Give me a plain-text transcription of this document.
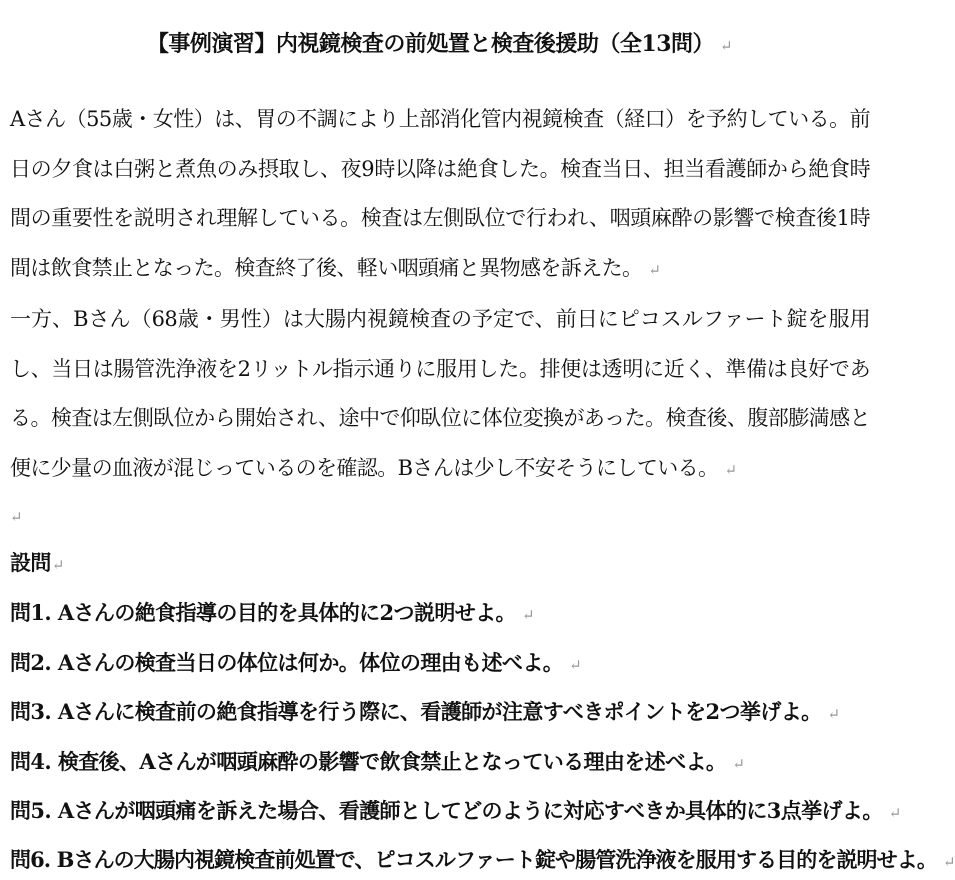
【事例演習】内視鏡検査の前処置と検査後援助（全13問） ↵
Aさん（55歳・女性）は、胃の不調により上部消化管内視鏡検査（経口）を予約している。前日の夕食は白粥と煮魚のみ摂取し、夜9時以降は絶食した。検査当日、担当看護師から絶食時間の重要性を説明され理解している。検査は左側臥位で行われ、咽頭麻酔の影響で検査後1時間は飲食禁止となった。検査終了後、軽い咽頭痛と異物感を訴えた。 ↵
一方、Bさん（68歳・男性）は大腸内視鏡検査の予定で、前日にピコスルファート錠を服用し、当日は腸管洗浄液を2リットル指示通りに服用した。排便は透明に近く、準備は良好である。検査は左側臥位から開始され、途中で仰臥位に体位変換があった。検査後、腹部膨満感と便に少量の血液が混じっているのを確認。Bさんは少し不安そうにしている。 ↵
↵
設問↵
問1. Aさんの絶食指導の目的を具体的に2つ説明せよ。 ↵
問2. Aさんの検査当日の体位は何か。体位の理由も述べよ。 ↵
問3. Aさんに検査前の絶食指導を行う際に、看護師が注意すべきポイントを2つ挙げよ。 ↵
問4. 検査後、Aさんが咽頭麻酔の影響で飲食禁止となっている理由を述べよ。 ↵
問5. Aさんが咽頭痛を訴えた場合、看護師としてどのように対応すべきか具体的に3点挙げよ。 ↵
問6. Bさんの大腸内視鏡検査前処置で、ピコスルファート錠や腸管洗浄液を服用する目的を説明せよ。 ↵
